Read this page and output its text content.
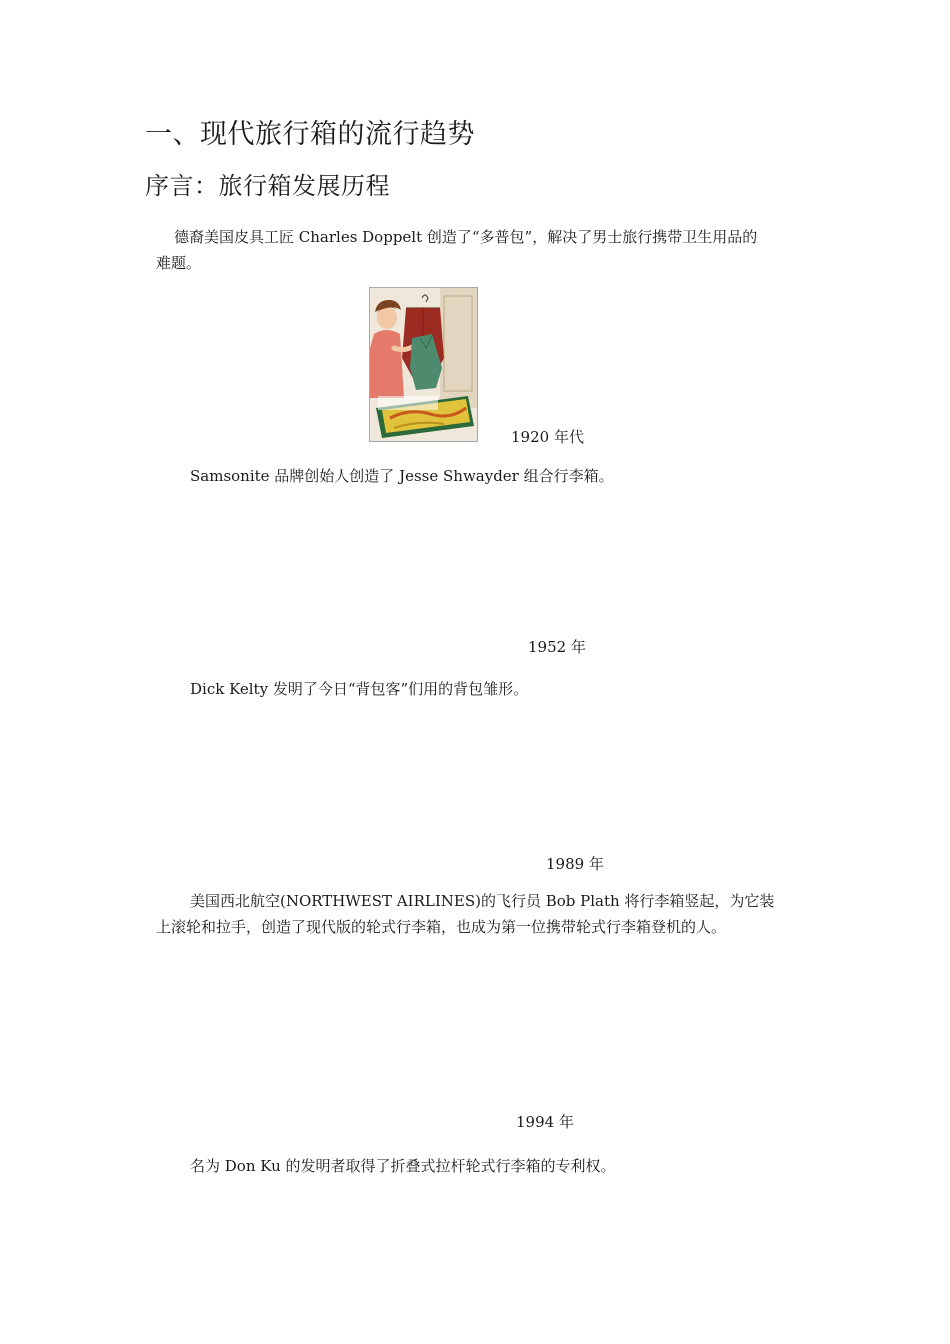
一、现代旅行箱的流行趋势
序言：旅行箱发展历程
德裔美国皮具工匠 Charles Doppelt 创造了“多普包”，解决了男士旅行携带卫生用品的
难题。
1920 年代
Samsonite 品牌创始人创造了 Jesse Shwayder 组合行李箱。
1952 年
Dick Kelty 发明了今日“背包客”们用的背包雏形。
1989 年
美国西北航空(NORTHWEST AIRLINES)的飞行员 Bob Plath 将行李箱竖起，为它装
上滚轮和拉手，创造了现代版的轮式行李箱，也成为第一位携带轮式行李箱登机的人。
1994 年
名为 Don Ku 的发明者取得了折叠式拉杆轮式行李箱的专利权。
